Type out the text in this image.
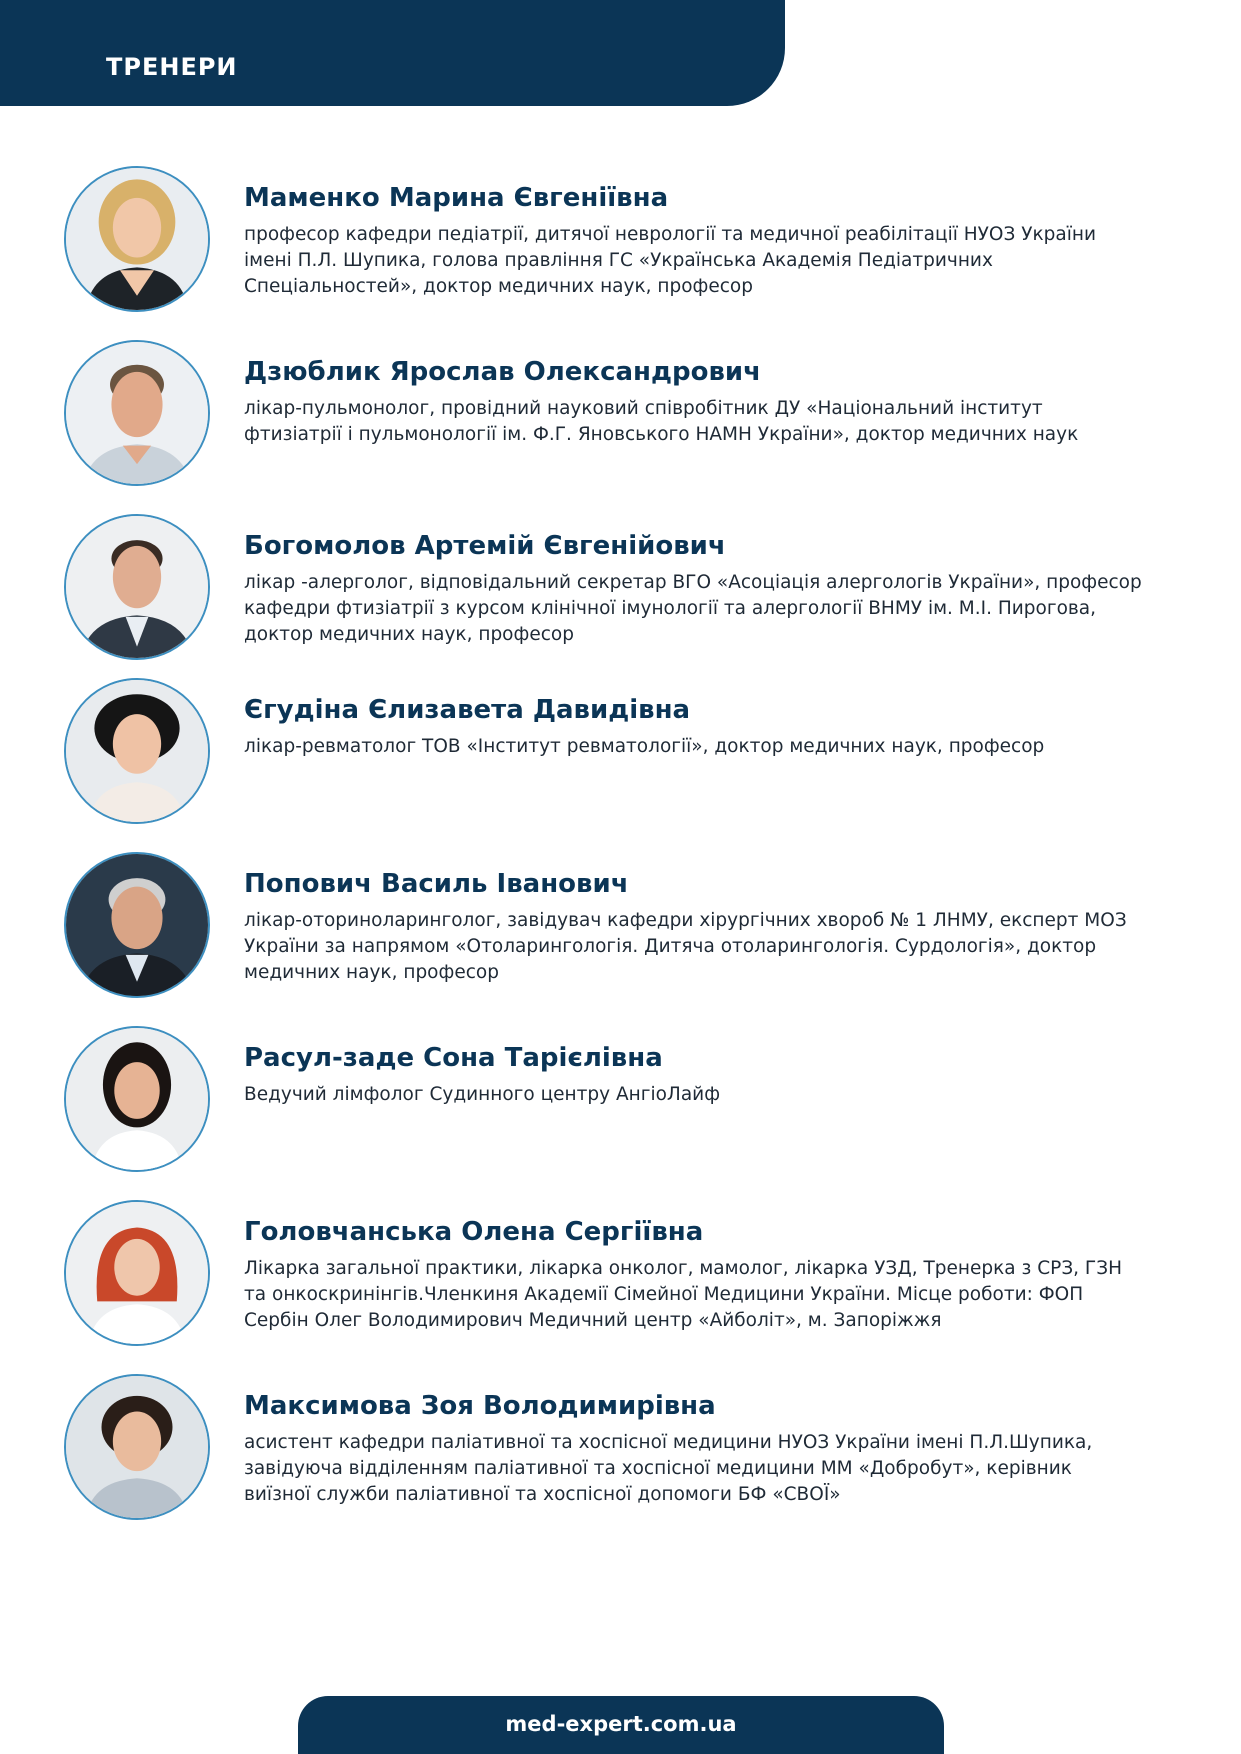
ТРЕНЕРИ
Маменко Марина Євгеніївна

професор кафедри педіатрії, дитячої неврології та медичної реабілітації НУОЗ України імені П.Л. Шупика, голова правління ГС «Українська Академія Педіатричних Спеціальностей», доктор медичних наук, професор

Дзюблик Ярослав Олександрович

лікар-пульмонолог, провідний науковий співробітник ДУ «Національний інститут фтизіатрії і пульмонології ім. Ф.Г. Яновського НАМН України», доктор медичних наук

Богомолов Артемій Євгенійович

лікар -алерголог, відповідальний секретар ВГО «Асоціація алергологів України», професор кафедри фтизіатрії з курсом клінічної імунології та алергології ВНМУ ім. М.І. Пирогова, доктор медичних наук, професор

Єгудіна Єлизавета Давидівна

лікар-ревматолог ТОВ «Інститут ревматології», доктор медичних наук, професор

Попович Василь Іванович

лікар-оториноларинголог, завідувач кафедри хірургічних хвороб № 1 ЛНМУ, експерт МОЗ України за напрямом «Отоларингологія. Дитяча отоларингологія. Сурдологія», доктор медичних наук, професор

Расул-заде Сона Тарієлівна

Ведучий лімфолог Судинного центру АнгіоЛайф

Головчанська Олена Сергіївна

Лікарка загальної практики, лікарка онколог, мамолог, лікарка УЗД, Тренерка з СРЗ, ГЗН та онкоскринінгів.Членкиня Академії Сімейної Медицини України. Місце роботи: ФОП Сербін Олег Володимирович Медичний центр «Айболіт», м. Запоріжжя

Максимова Зоя Володимирівна

асистент кафедри паліативної та хоспісної медицини НУОЗ України імені П.Л.Шупика, завідуюча відділенням паліативної та хоспісної медицини ММ «Добробут», керівник виїзної служби паліативної та хоспісної допомоги БФ «СВОЇ»

med-expert.com.ua
